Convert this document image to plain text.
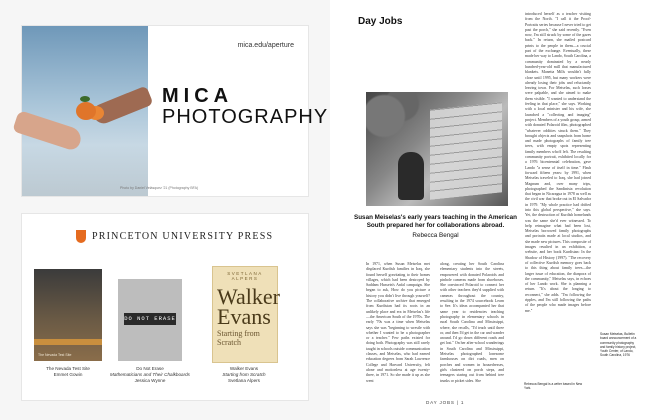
mica.edu/aperture
MICA
PHOTOGRAPHY
Photo by Daniel Velásquez '21 (Photography BFA)
PRINCETON UNIVERSITY PRESS
The Nevada Test Site
The Nevada Test Site
Emmet Gowin
DO NOT ERASE
Do Not Erase
Mathematicians and Their Chalkboards
Jessica Wynne
SVETLANA ALPERS
Walker Evans
Starting from Scratch
Walker Evans
Starting from Scratch
Svetlana Alpers
Day Jobs
Susan Meiselas's early years teaching in the American South prepared her for collaborations abroad.
Rebecca Bengal
In 1971, when Susan Meiselas met displaced Kurdish families in Iraq, she found herself gravitating to their homes villages, which had been destroyed by Saddam Hussein's Anfal campaign. She began to ask, How do you picture a history you didn't live through yourself? The collaborative archive that emerged from Kurdistan had its roots in an unlikely place and era in Meiselas's life—the American South of the 1970s. The early '70s was a time when Meiselas says she was "beginning to wrestle with whether I wanted to be a photographer or a teacher." Few paths existed for doing both. Photography was still rarely taught in schools outside communication classes, and Meiselas, who had earned education degrees from Sarah Lawrence College and Harvard University, felt alone and motionless at age twenty-three, in 1971. So she made it up as she went
along, creating her South Carolina elementary students into the streets, empowered with donated Polaroids and pinhole cameras made from shoeboxes. She convinced Polaroid to connect her with other teachers they'd supplied with cameras throughout the country, resulting in the 1974 sourcebook Learn to See. It's ideas accompanied her that same year to residencies teaching photography in elementary schools in rural South Carolina and Mississippi, where, she recalls, "I'd teach until three or, and then I'd get in the car and wander around. I'd go down different roads and get lost." On her after-school wanderings in South Carolina and Mississippi, Meiselas photographed lonesome farmhouses on dirt roads, men on porches and women in housedresses, girls clustered on porch steps, and teenagers staring out from behind tree trunks or picket sides. She
introduced herself as a teacher visiting from the North. "I call it the Proof-Portraits series because I never tried to get past the porch," she said recently. "Even now, I'm still struck by some of the gazes back." In return, she mailed postcard prints to the people in them—a crucial part of the exchange. Eventually, these made her way to Lando, South Carolina, a community dominated by a nearly hundred-year-old mill that manufactured blankets. Manetta Mills wouldn't fully close until 1995, but many workers were already losing their jobs and reluctantly leaving town. For Meiselas, such losses were palpable, and she aimed to make them visible. "I wanted to understand the feeling in that place," she says. Working with a local minister and his wife, she launched a "collecting and imaging" project. Members of a youth group, armed with donated Polaroid film, photographed "whatever oddities struck them." They brought objects and snapshots from home and made photographs of family tree trees, with empty spots representing family members who'd left. The resulting community portrait, exhibited locally for a 1976 bicentennial celebration, gave Lando "a sense of itself in time." Flash forward fifteen years: by 1991, when Meiselas traveled to Iraq, she had joined Magnum and, over many trips, photographed the Sandinista revolution that began in Nicaragua in 1978 as well as the civil war that broke out in El Salvador in 1979. "My whole practice had drifted into this global perspective," she says. Yet, the destruction of Kurdish homelands was the same she'd ever witnessed. To help reimagine what had been lost, Meiselas borrowed family photographs and portraits made at local studios, and she made new pictures. This composite of images resulted in an exhibition, a website, and her book Kurdistan: In the Shadow of History (1997). "The recovery of collective Kurdish memory goes back to this thing about family trees—the larger issue of education, the diaspora of the community," Meiselas says, in echoes of her Lando work. She is planning a return. "It's about the longing to reconnect," she adds. "I'm following the ripples, and I'm still following the paths of the people who made images before me."
Susan Meiselas, Bulletin board announcement of a community photography and family history project, Youth Center, of Lando, South Carolina, 1976
Rebecca Bengal is a writer based in New York.
DAY JOBS | 1
